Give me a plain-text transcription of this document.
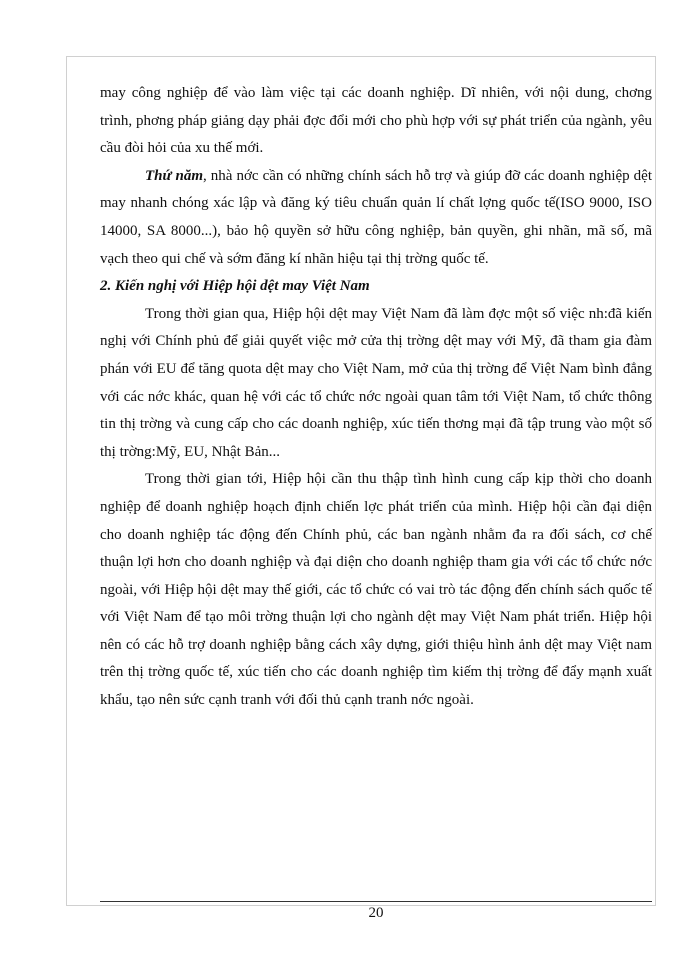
may công nghiệp để vào làm việc tại các doanh nghiệp. Dĩ nhiên, với nội dung, chơng trình, phơng pháp giảng dạy phải đợc đổi mới cho phù hợp với sự phát triển của ngành, yêu cầu đòi hỏi của xu thế mới.

Thứ năm, nhà nớc cần có những chính sách hỗ trợ và giúp đỡ các doanh nghiệp dệt may nhanh chóng xác lập và đăng ký tiêu chuẩn quản lí chất lợng quốc tế(ISO 9000, ISO 14000, SA 8000...), bảo hộ quyền sở hữu công nghiệp, bản quyền, ghi nhãn, mã số, mã vạch theo qui chế và sớm đăng kí nhãn hiệu tại thị trờng quốc tế.

2. Kiến nghị với Hiệp hội dệt may Việt Nam

Trong thời gian qua, Hiệp hội dệt may Việt Nam đã làm đợc một số việc nh:đã kiến nghị với Chính phủ để giải quyết việc mở cửa thị trờng dệt may với Mỹ, đã tham gia đàm phán với EU để tăng quota dệt may cho Việt Nam, mở của thị trờng để Việt Nam bình đẳng với các nớc khác, quan hệ với các tổ chức nớc ngoài quan tâm tới Việt Nam, tổ chức thông tin thị trờng và cung cấp cho các doanh nghiệp, xúc tiến thơng mại đã tập trung vào một số thị trờng:Mỹ, EU, Nhật Bản...

Trong thời gian tới, Hiệp hội cần thu thập tình hình cung cấp kịp thời cho doanh nghiệp để doanh nghiệp hoạch định chiến lợc phát triển của mình. Hiệp hội cần đại diện cho doanh nghiệp tác động đến Chính phủ, các ban ngành nhằm đa ra đối sách, cơ chế thuận lợi hơn cho doanh nghiệp và đại diện cho doanh nghiệp tham gia với các tổ chức nớc ngoài, với Hiệp hội dệt may thế giới, các tổ chức có vai trò tác động đến chính sách quốc tế với Việt Nam để tạo môi trờng thuận lợi cho ngành dệt may Việt Nam phát triển. Hiệp hội nên có các hỗ trợ doanh nghiệp bằng cách xây dựng, giới thiệu hình ảnh dệt may Việt nam trên thị trờng quốc tế, xúc tiến cho các doanh nghiệp tìm kiếm thị trờng để đẩy mạnh xuất khẩu, tạo nên sức cạnh tranh với đối thủ cạnh tranh nớc ngoài.

20
